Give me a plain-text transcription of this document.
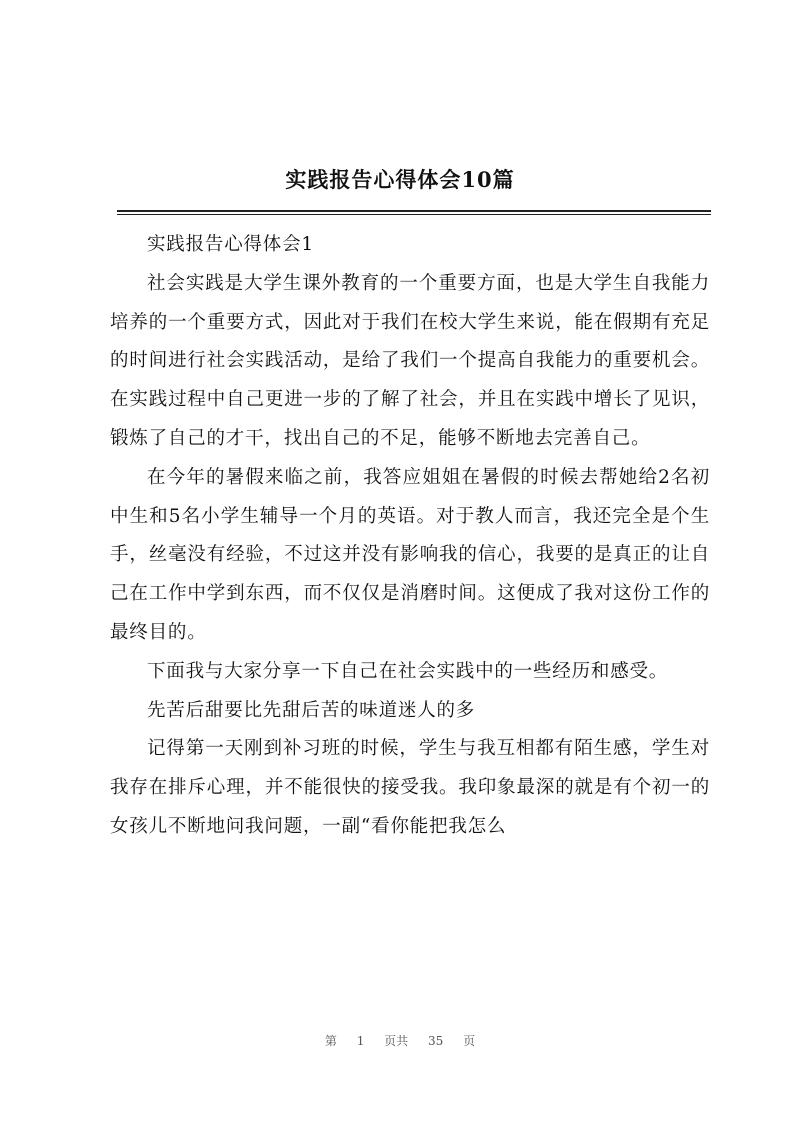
实践报告心得体会10篇

实践报告心得体会1

社会实践是大学生课外教育的一个重要方面，也是大学生自我能力培养的一个重要方式，因此对于我们在校大学生来说，能在假期有充足的时间进行社会实践活动，是给了我们一个提高自我能力的重要机会。在实践过程中自己更进一步的了解了社会，并且在实践中增长了见识，锻炼了自己的才干，找出自己的不足，能够不断地去完善自己。

在今年的暑假来临之前，我答应姐姐在暑假的时候去帮她给2名初中生和5名小学生辅导一个月的英语。对于教人而言，我还完全是个生手，丝毫没有经验，不过这并没有影响我的信心，我要的是真正的让自己在工作中学到东西，而不仅仅是消磨时间。这便成了我对这份工作的最终目的。

下面我与大家分享一下自己在社会实践中的一些经历和感受。

先苦后甜要比先甜后苦的味道迷人的多

记得第一天刚到补习班的时候，学生与我互相都有陌生感，学生对我存在排斥心理，并不能很快的接受我。我印象最深的就是有个初一的女孩儿不断地问我问题，一副“看你能把我怎么

第 1 页共 35 页
